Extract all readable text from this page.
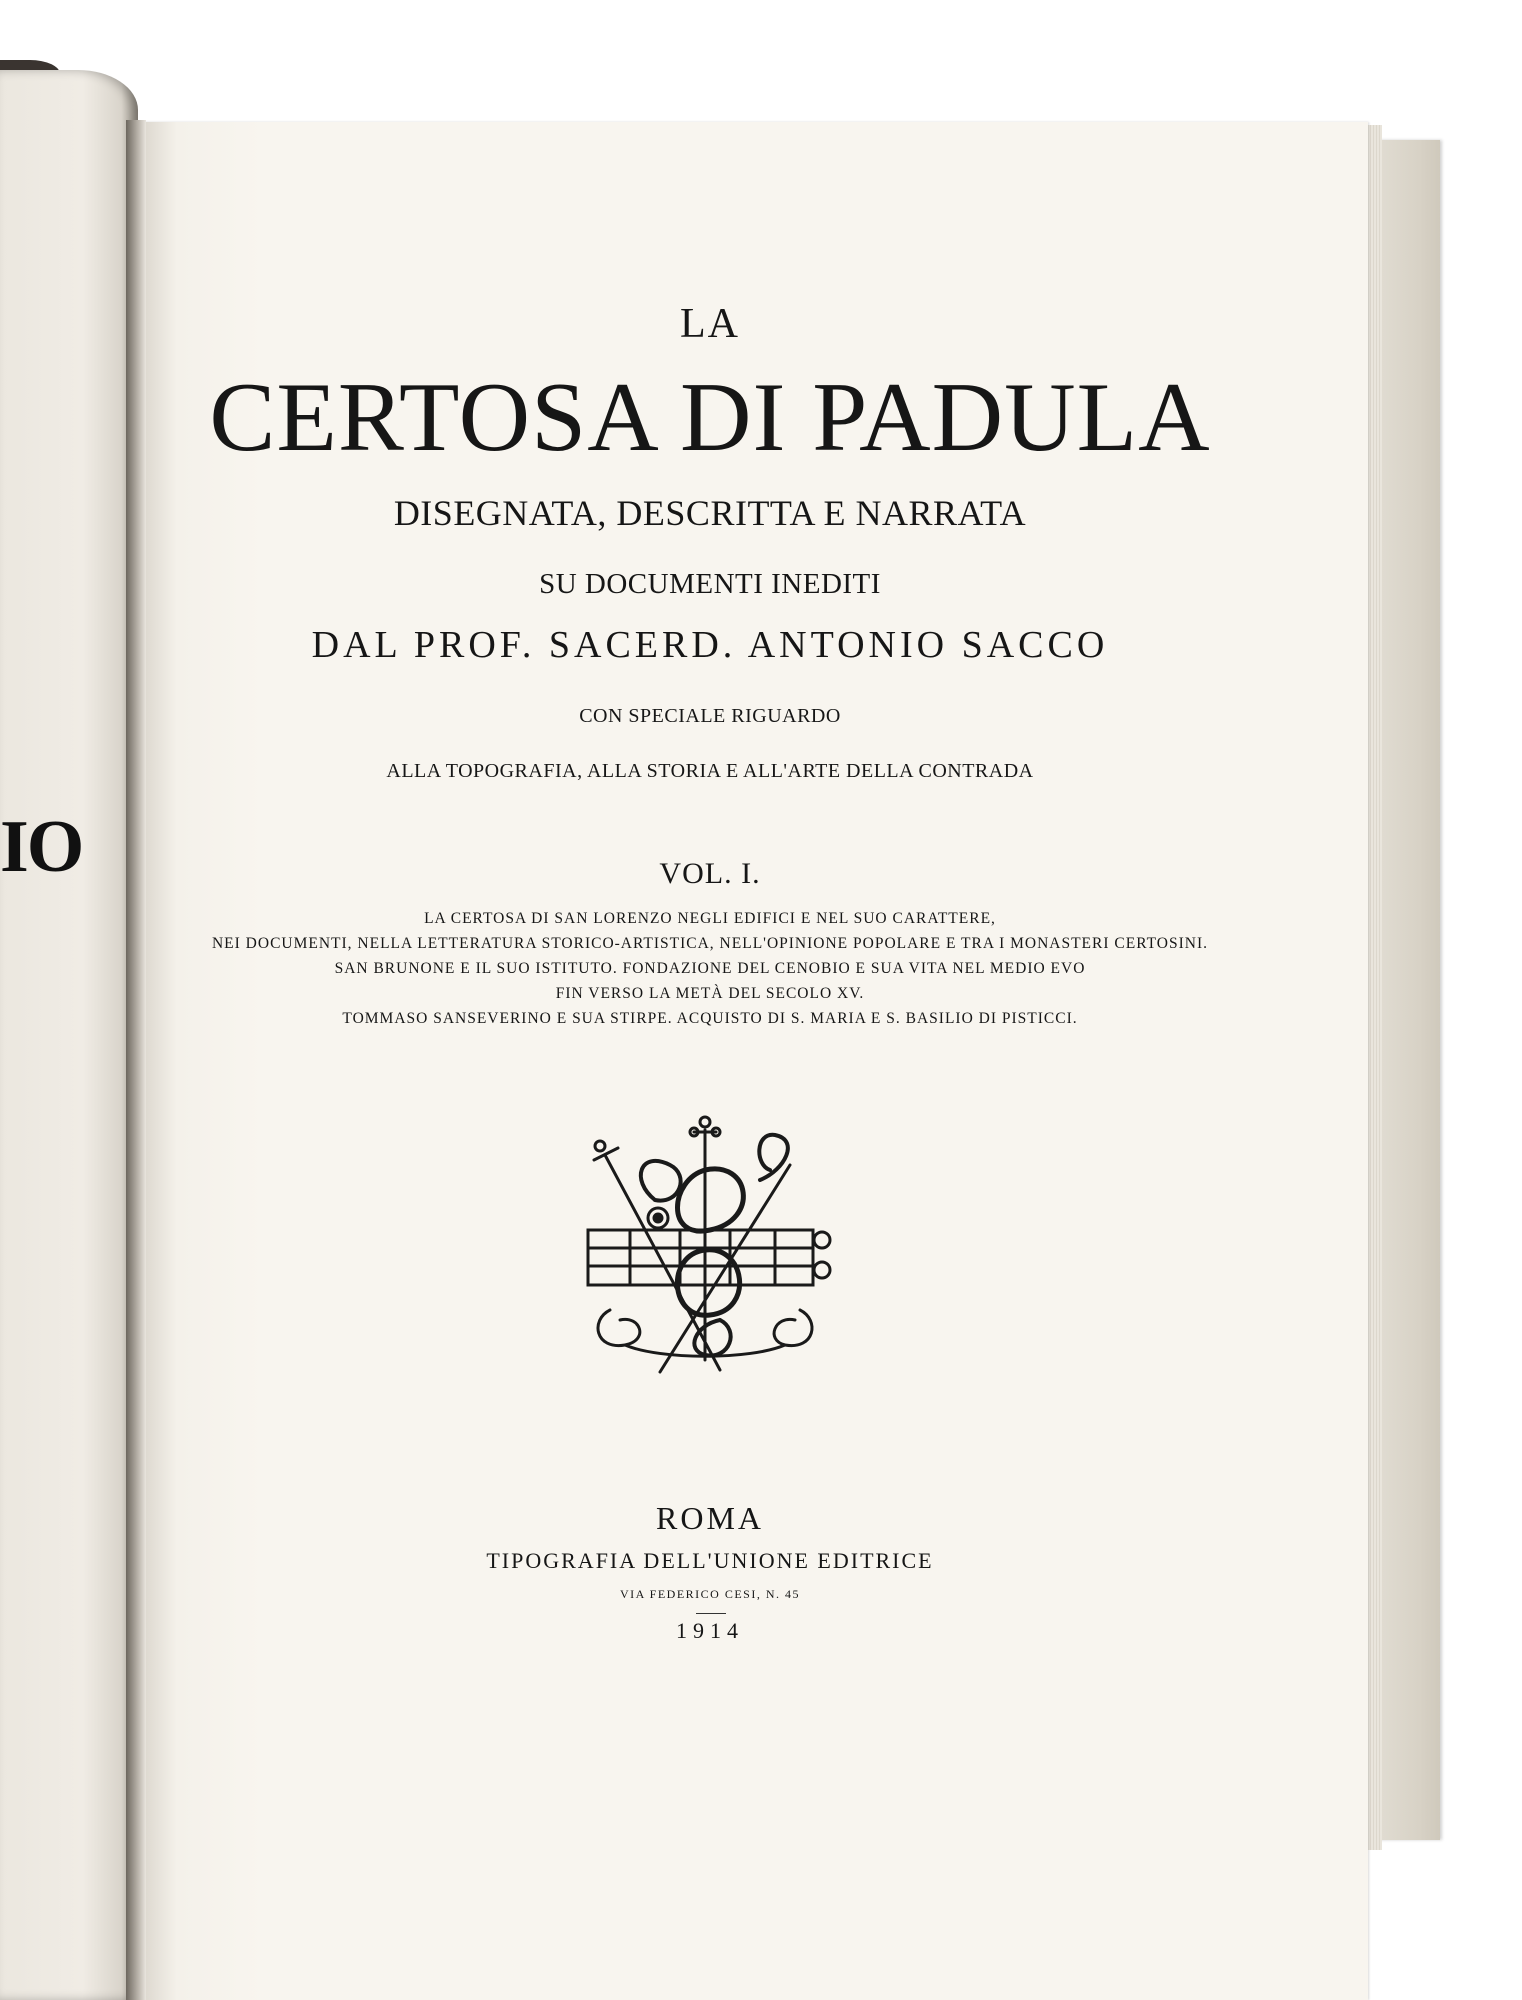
IO
LA
CERTOSA DI PADULA
DISEGNATA, DESCRITTA E NARRATA
SU DOCUMENTI INEDITI
DAL PROF. SACERD. ANTONIO SACCO
CON SPECIALE RIGUARDO
ALLA TOPOGRAFIA, ALLA STORIA E ALL'ARTE DELLA CONTRADA
VOL. I.
LA CERTOSA DI SAN LORENZO NEGLI EDIFICI E NEL SUO CARATTERE,
NEI DOCUMENTI, NELLA LETTERATURA STORICO-ARTISTICA, NELL'OPINIONE POPOLARE E TRA I MONASTERI CERTOSINI.
SAN BRUNONE E IL SUO ISTITUTO. FONDAZIONE DEL CENOBIO E SUA VITA NEL MEDIO EVO
FIN VERSO LA METÀ DEL SECOLO XV.
TOMMASO SANSEVERINO E SUA STIRPE. ACQUISTO DI S. MARIA E S. BASILIO DI PISTICCI.
ROMA
TIPOGRAFIA DELL'UNIONE EDITRICE
VIA FEDERICO CESI, N. 45
1914
